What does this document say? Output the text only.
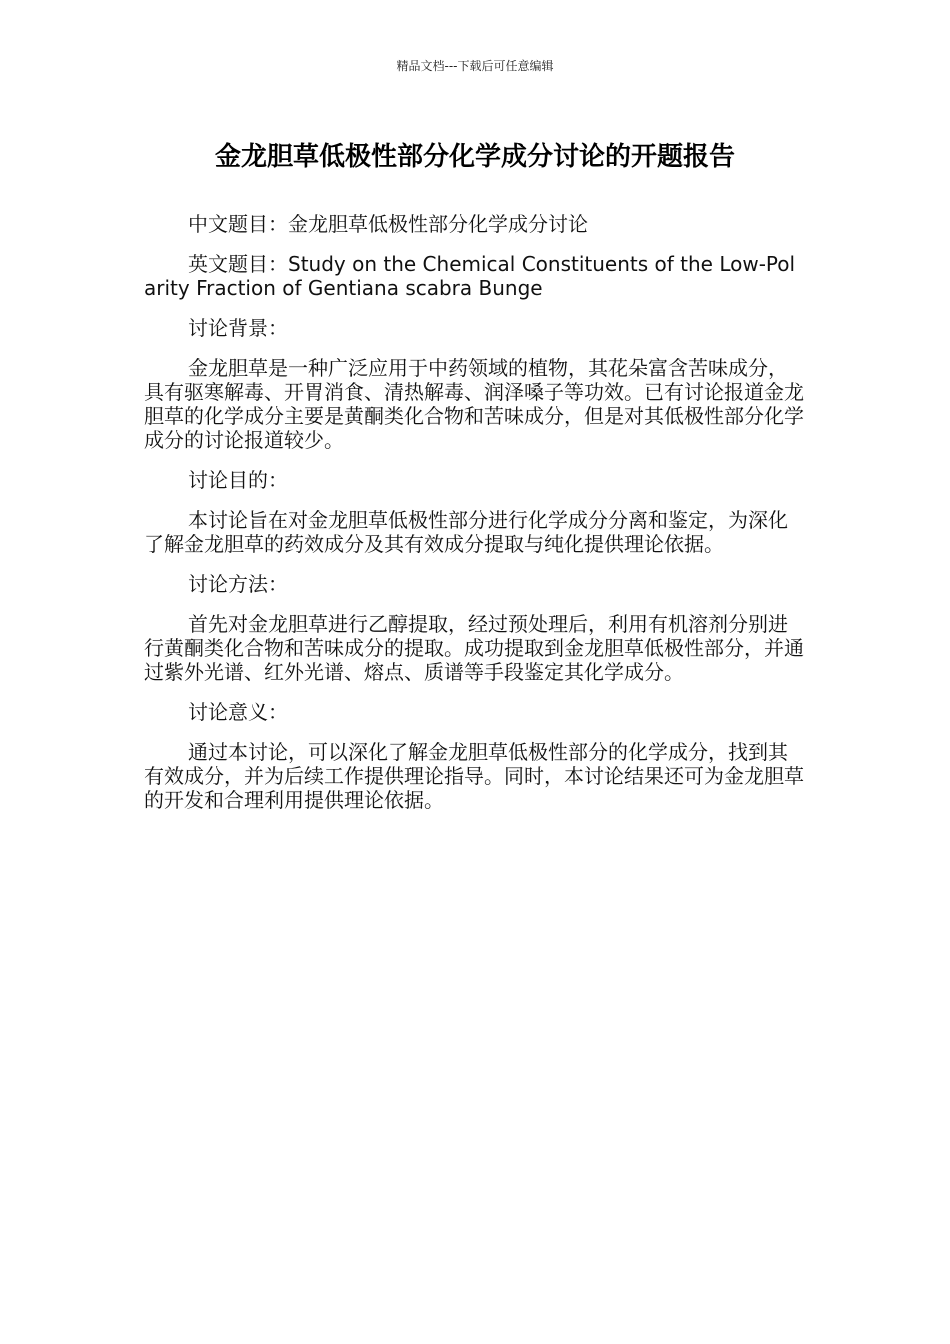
精品文档---下载后可任意编辑
金龙胆草低极性部分化学成分讨论的开题报告

中文题目：金龙胆草低极性部分化学成分讨论

英文题目：Study on the Chemical Constituents of the Low-Polarity Fraction of Gentiana scabra Bunge

讨论背景：

金龙胆草是一种广泛应用于中药领域的植物，其花朵富含苦味成分，具有驱寒解毒、开胃消食、清热解毒、润泽嗓子等功效。已有讨论报道金龙胆草的化学成分主要是黄酮类化合物和苦味成分，但是对其低极性部分化学成分的讨论报道较少。

讨论目的：

本讨论旨在对金龙胆草低极性部分进行化学成分分离和鉴定，为深化了解金龙胆草的药效成分及其有效成分提取与纯化提供理论依据。

讨论方法：

首先对金龙胆草进行乙醇提取，经过预处理后，利用有机溶剂分别进行黄酮类化合物和苦味成分的提取。成功提取到金龙胆草低极性部分，并通过紫外光谱、红外光谱、熔点、质谱等手段鉴定其化学成分。

讨论意义：

通过本讨论，可以深化了解金龙胆草低极性部分的化学成分，找到其有效成分，并为后续工作提供理论指导。同时，本讨论结果还可为金龙胆草的开发和合理利用提供理论依据。
